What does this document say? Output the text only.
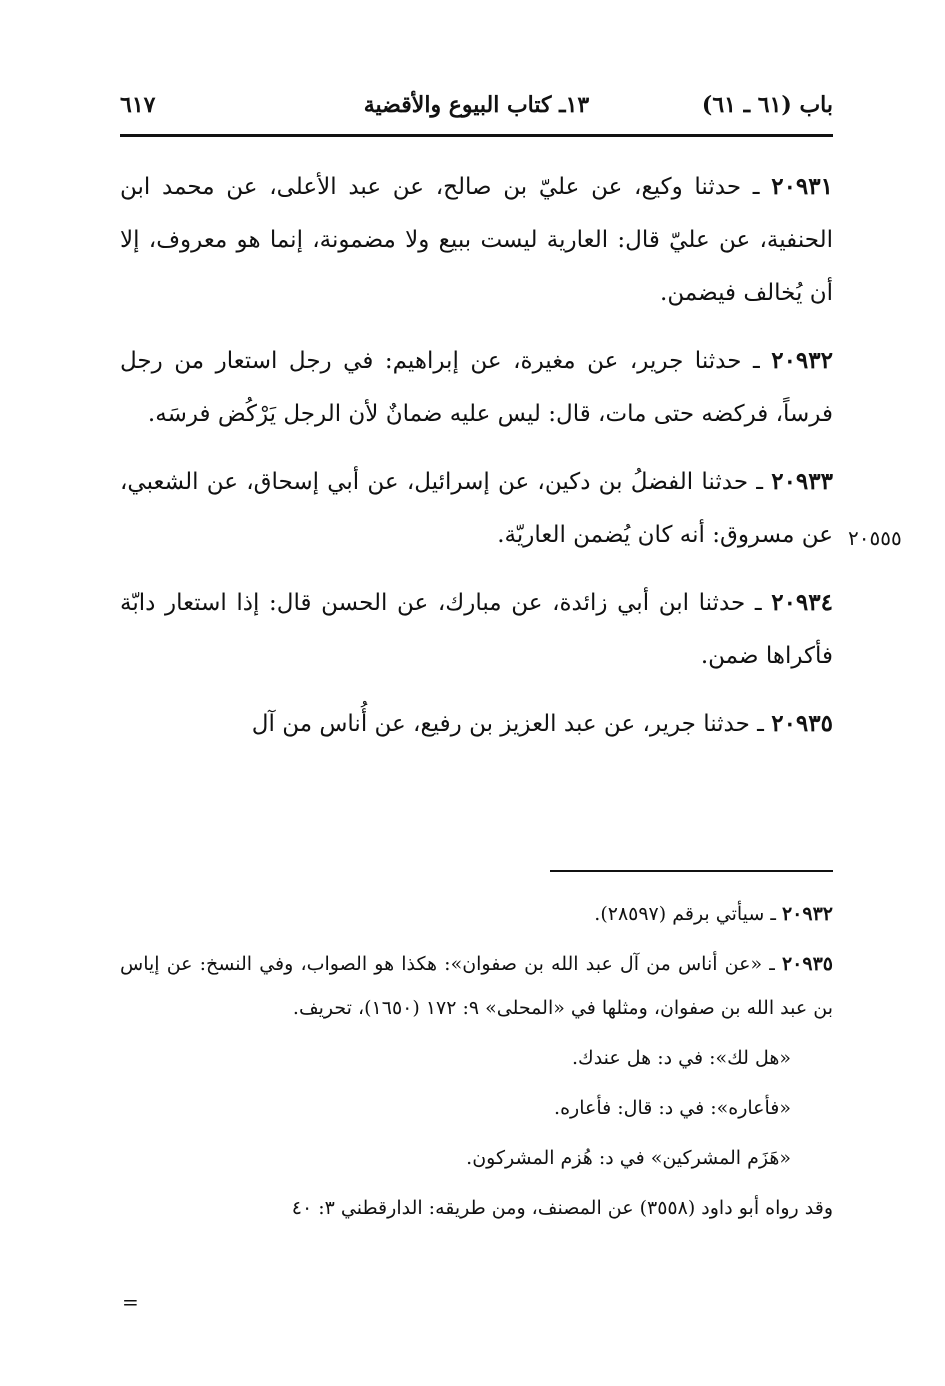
باب (٦١ ـ ٦١)
١٣ـ كتاب البيوع والأقضية
٦١٧
٢٠٥٥٥

٢٠٩٣١ ـ حدثنا وكيع، عن عليّ بن صالح، عن عبد الأعلى، عن محمد ابن الحنفية، عن عليّ قال: العارية ليست ببيع ولا مضمونة، إنما هو معروف، إلا أن يُخالف فيضمن.

٢٠٩٣٢ ـ حدثنا جرير، عن مغيرة، عن إبراهيم: في رجل استعار من رجل فرساً، فركضه حتى مات، قال: ليس عليه ضمانٌ لأن الرجل يَرْكُض فرسَه.

٢٠٩٣٣ ـ حدثنا الفضلُ بن دكين، عن إسرائيل، عن أبي إسحاق، عن الشعبي، عن مسروق: أنه كان يُضمن العاريّة.

٢٠٩٣٤ ـ حدثنا ابن أبي زائدة، عن مبارك، عن الحسن قال: إذا استعار دابّة فأكراها ضمن.

٢٠٩٣٥ ـ حدثنا جرير، عن عبد العزيز بن رفيع، عن أُناس من آل

٢٠٩٣٢ ـ سيأتي برقم (٢٨٥٩٧).

٢٠٩٣٥ ـ «عن أناس من آل عبد الله بن صفوان»: هكذا هو الصواب، وفي النسخ: عن إياس بن عبد الله بن صفوان، ومثلها في «المحلى» ٩: ١٧٢ (١٦٥٠)، تحريف.

«هل لك»: في د: هل عندك.

«فأعاره»: في د: قال: فأعاره.

«هَزَم المشركين» في د: هُزم المشركون.

وقد رواه أبو داود (٣٥٥٨) عن المصنف، ومن طريقه: الدارقطني ٣: ٤٠

=
